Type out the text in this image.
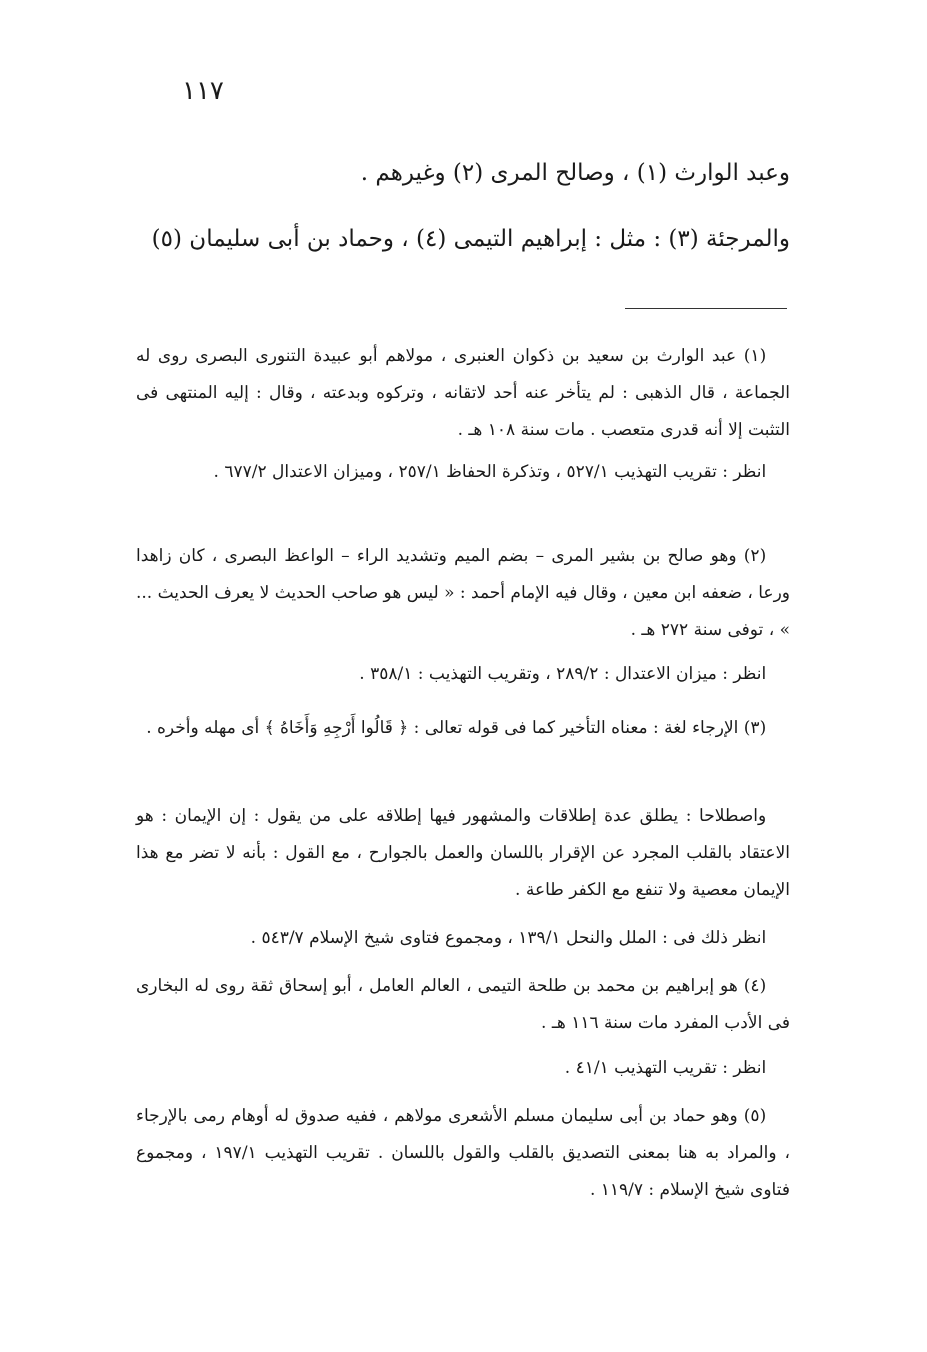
١١٧
وعبد الوارث (١) ، وصالح المرى (٢) وغيرهم .
والمرجئة (٣) : مثل : إبراهيم التيمى (٤) ، وحماد بن أبى سليمان (٥)
(١) عبد الوارث بن سعيد بن ذكوان العنبرى ، مولاهم أبو عبيدة التنورى البصرى روى له الجماعة ، قال الذهبى : لم يتأخر عنه أحد لاتقانه ، وتركوه وبدعته ، وقال : إليه المنتهى فى التثبت إلا أنه قدرى متعصب . مات سنة ١٠٨ هـ .
انظر : تقريب التهذيب ٥٢٧/١ ، وتذكرة الحفاظ ٢٥٧/١ ، وميزان الاعتدال ٦٧٧/٢ .
(٢) وهو صالح بن بشير المرى – بضم الميم وتشديد الراء – الواعظ البصرى ، كان زاهدا ورعا ، ضعفه ابن معين ، وقال فيه الإمام أحمد : « ليس هو صاحب الحديث لا يعرف الحديث ... » ، توفى سنة ٢٧٢ هـ .
انظر : ميزان الاعتدال : ٢٨٩/٢ ، وتقريب التهذيب : ٣٥٨/١ .
(٣) الإرجاء لغة : معناه التأخير كما فى قوله تعالى : ﴿ قَالُوا أَرْجِهِ وَأَخَاهُ ﴾ أى مهله وأخره .
واصطلاحا : يطلق عدة إطلاقات والمشهور فيها إطلاقه على من يقول : إن الإيمان : هو الاعتقاد بالقلب المجرد عن الإقرار باللسان والعمل بالجوارح ، مع القول : بأنه لا تضر مع هذا الإيمان معصية ولا تنفع مع الكفر طاعة .
انظر ذلك فى : الملل والنحل ١٣٩/١ ، ومجموع فتاوى شيخ الإسلام ٥٤٣/٧ .
(٤) هو إبراهيم بن محمد بن طلحة التيمى ، العالم العامل ، أبو إسحاق ثقة روى له البخارى فى الأدب المفرد مات سنة ١١٦ هـ .
انظر : تقريب التهذيب ٤١/١ .
(٥) وهو حماد بن أبى سليمان مسلم الأشعرى مولاهم ، ففيه صدوق له أوهام رمى بالإرجاء ، والمراد به هنا بمعنى التصديق بالقلب والقول باللسان . تقريب التهذيب ١٩٧/١ ، ومجموع فتاوى شيخ الإسلام : ١١٩/٧ .
